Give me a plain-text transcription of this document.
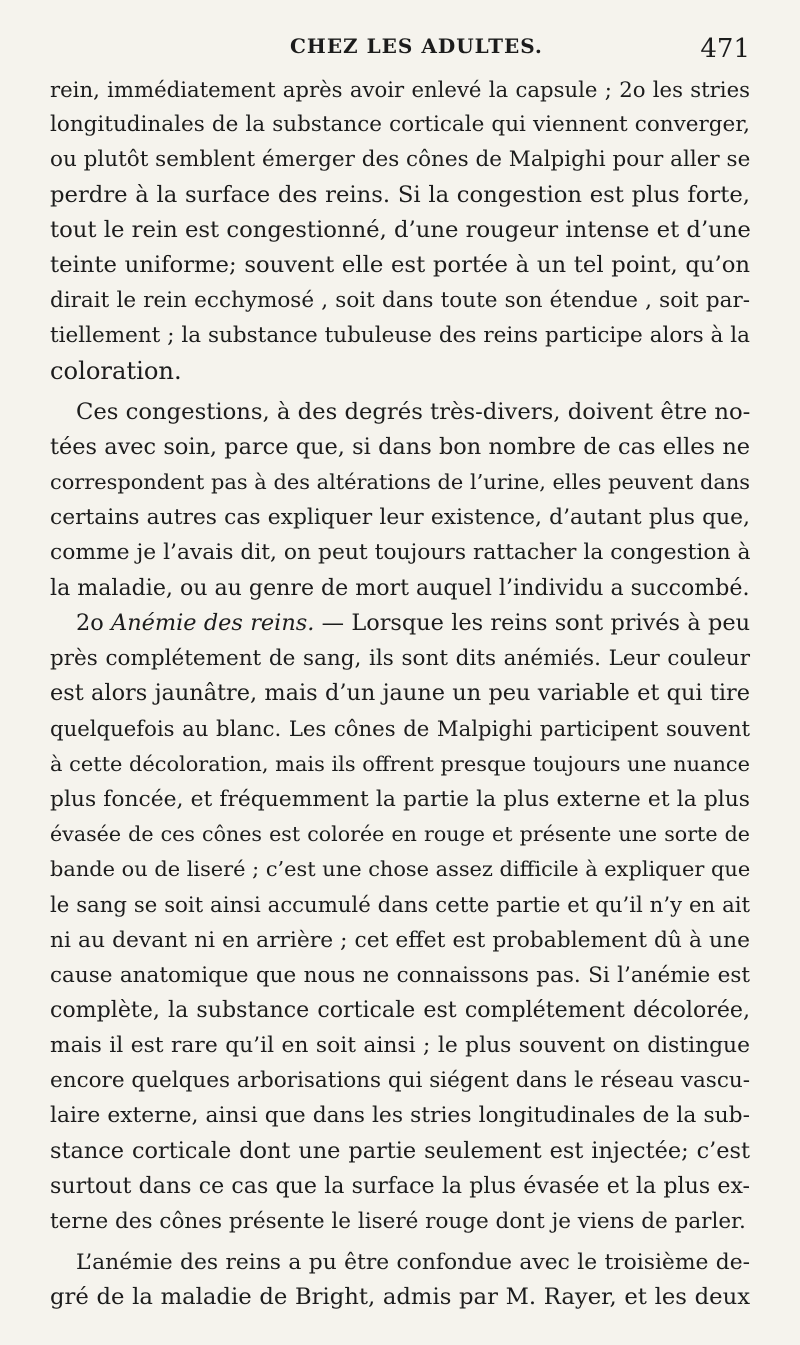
CHEZ LES ADULTES.	471
rein, immédiatement après avoir enlevé la capsule ; 2o les stries
longitudinales de la substance corticale qui viennent converger,
ou plutôt semblent émerger des cônes de Malpighi pour aller se
perdre à la surface des reins. Si la congestion est plus forte,
tout le rein est congestionné, d’une rougeur intense et d’une
teinte uniforme; souvent elle est portée à un tel point, qu’on
dirait le rein ecchymosé , soit dans toute son étendue , soit par-
tiellement ; la substance tubuleuse des reins participe alors à la
coloration.
Ces congestions, à des degrés très-divers, doivent être no-
tées avec soin, parce que, si dans bon nombre de cas elles ne
correspondent pas à des altérations de l’urine, elles peuvent dans
certains autres cas expliquer leur existence, d’autant plus que,
comme je l’avais dit, on peut toujours rattacher la congestion à
la maladie, ou au genre de mort auquel l’individu a succombé.
2o Anémie des reins. — Lorsque les reins sont privés à peu
près complétement de sang, ils sont dits anémiés. Leur couleur
est alors jaunâtre, mais d’un jaune un peu variable et qui tire
quelquefois au blanc. Les cônes de Malpighi participent souvent
à cette décoloration, mais ils offrent presque toujours une nuance
plus foncée, et fréquemment la partie la plus externe et la plus
évasée de ces cônes est colorée en rouge et présente une sorte de
bande ou de liseré ; c’est une chose assez difficile à expliquer que
le sang se soit ainsi accumulé dans cette partie et qu’il n’y en ait
ni au devant ni en arrière ; cet effet est probablement dû à une
cause anatomique que nous ne connaissons pas. Si l’anémie est
complète, la substance corticale est complétement décolorée,
mais il est rare qu’il en soit ainsi ; le plus souvent on distingue
encore quelques arborisations qui siégent dans le réseau vascu-
laire externe, ainsi que dans les stries longitudinales de la sub-
stance corticale dont une partie seulement est injectée; c’est
surtout dans ce cas que la surface la plus évasée et la plus ex-
terne des cônes présente le liseré rouge dont je viens de parler.
L’anémie des reins a pu être confondue avec le troisième de-
gré de la maladie de Bright, admis par M. Rayer, et les deux
